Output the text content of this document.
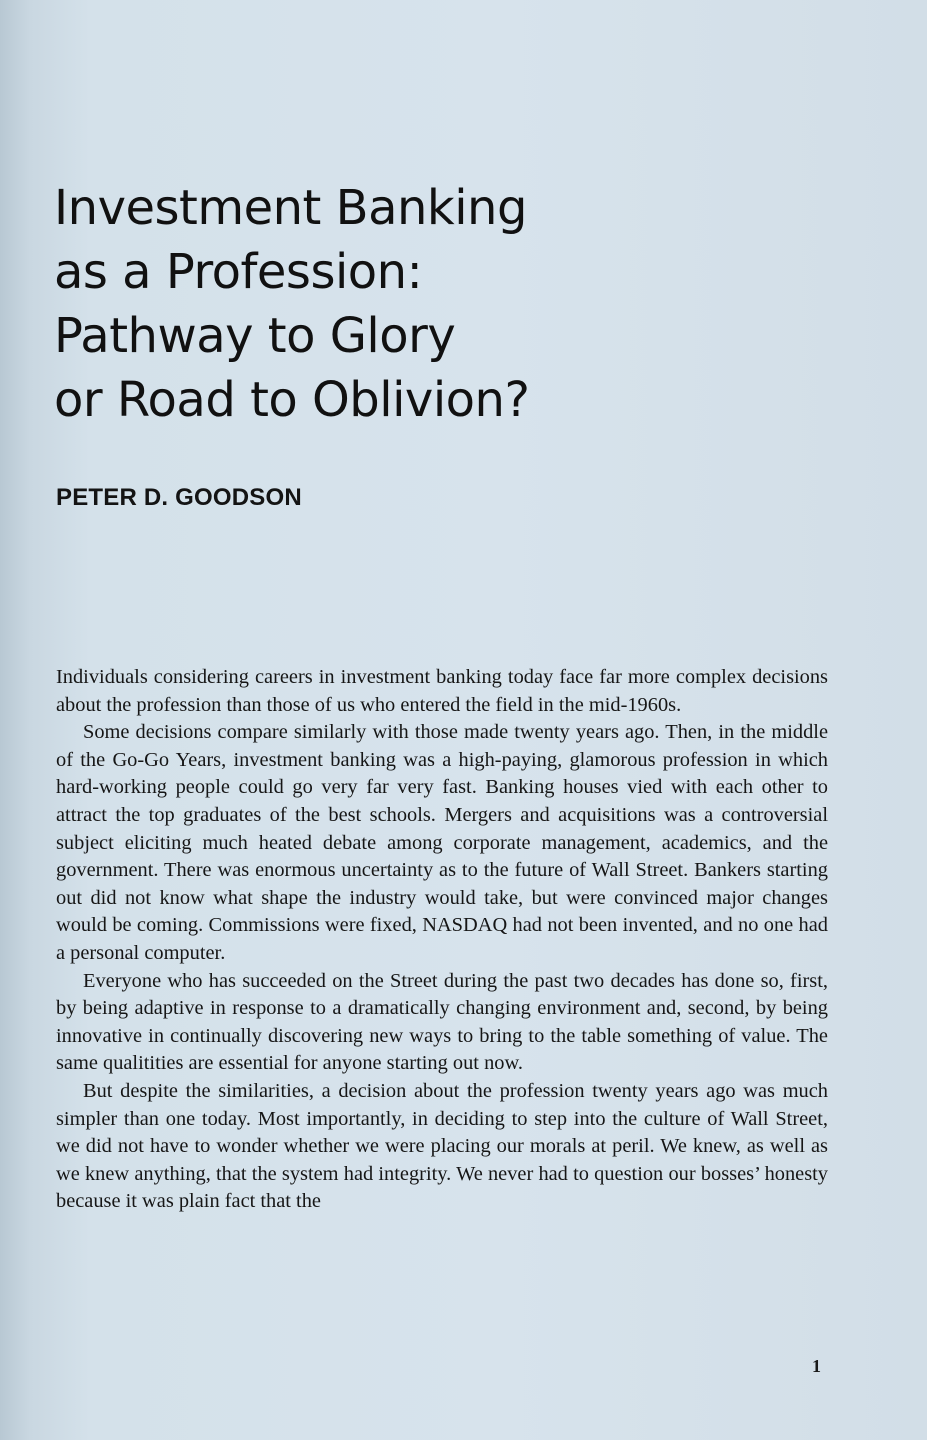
Investment Banking
as a Profession:
Pathway to Glory
or Road to Oblivion?
PETER D. GOODSON

Individuals considering careers in investment banking today face far more complex decisions about the profession than those of us who entered the field in the mid-1960s.

Some decisions compare similarly with those made twenty years ago. Then, in the middle of the Go-Go Years, investment banking was a high-paying, glamorous profession in which hard-working people could go very far very fast. Banking houses vied with each other to attract the top graduates of the best schools. Mergers and acquisitions was a controversial subject eliciting much heated debate among corporate management, academics, and the government. There was enormous uncertainty as to the future of Wall Street. Bankers starting out did not know what shape the industry would take, but were convinced major changes would be coming. Commissions were fixed, NASDAQ had not been invented, and no one had a personal computer.

Everyone who has succeeded on the Street during the past two decades has done so, first, by being adaptive in response to a dramatically changing environment and, second, by being innovative in continually discovering new ways to bring to the table something of value. The same qualitities are essential for anyone starting out now.

But despite the similarities, a decision about the profession twenty years ago was much simpler than one today. Most importantly, in deciding to step into the culture of Wall Street, we did not have to wonder whether we were placing our morals at peril. We knew, as well as we knew anything, that the system had integrity. We never had to question our bosses’ honesty because it was plain fact that the

1
